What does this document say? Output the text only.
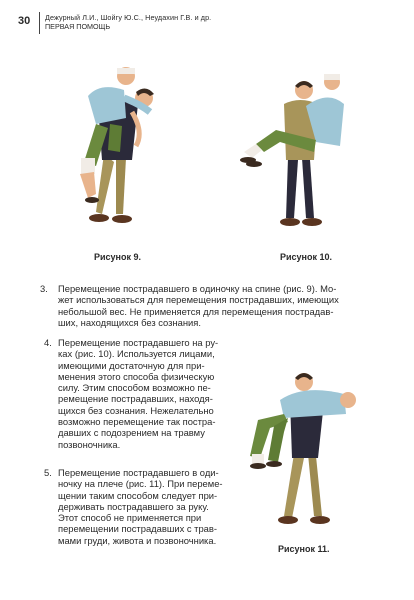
30 Дежурный Л.И., Шойгу Ю.С., Неудахин Г.В. и др.
ПЕРВАЯ ПОМОЩЬ
Рисунок 9.	Рисунок 10.
Рисунок 11.
3. Перемещение пострадавшего в одиночку на спине (рис. 9). Мо-
жет использоваться для перемещения пострадавших, имеющих
небольшой вес. Не применяется для перемещения пострадав-
ших, находящихся без сознания.
4. Перемещение пострадавшего на ру-
ках (рис. 10). Используется лицами,
имеющими достаточную для при-
менения этого способа физическую
силу. Этим способом возможно пе-
ремещение пострадавших, находя-
щихся без сознания. Нежелательно
возможно перемещение так постра-
давших с подозрением на травму
позвоночника.
5. Перемещение пострадавшего в оди-
ночку на плече (рис. 11). При переме-
щении таким способом следует при-
держивать пострадавшего за руку.
Этот способ не применяется при
перемещении пострадавших с трав-
мами груди, живота и позвоночника.
